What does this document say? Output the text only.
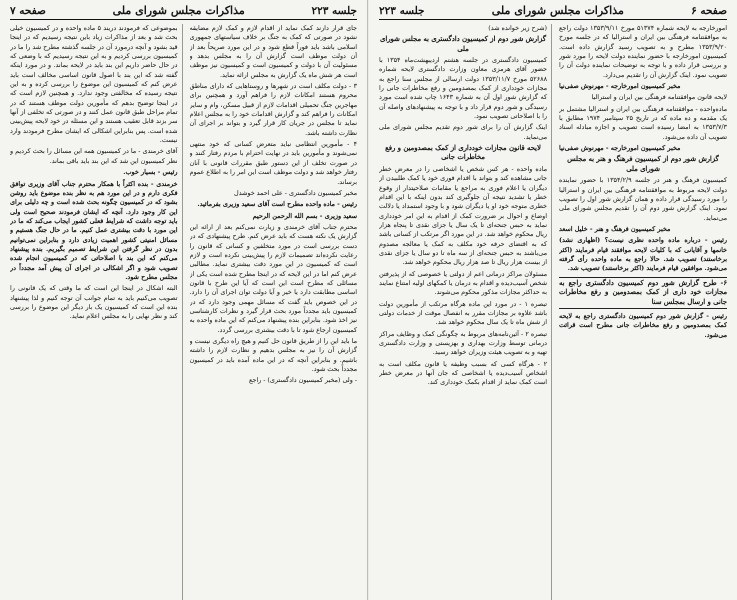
جلسه ۲۲۳
مذاکرات مجلس شورای ملی
صفحه ۷

جای قرار دارند کمک نماید از اقدام لازم و کمک لازم مضایقه نشود در صورتی که کمک به جنگ بر خلاف سیاستهای جمهوری اسلامی باشد باید فوراً قطع شود و در این مورد صریحاً بعد از آن دولت موظف است گزارش آن را به مجلس بدهد و مسئولیت آن با دولت و کمیسیون است و کمیسیون نیز موظف است هر شش ماه یک گزارش به مجلس ارائه نماید.

۳ - دولت مکلف است در شهرها و روستاهایی که دارای مناطق محروم هستند امکانات لازم را فراهم آورد و همچنین برای مهاجرین جنگ تحمیلی اقدامات لازم از قبیل مسکن، وام و سایر امکانات را فراهم کند و گزارش اقدامات خود را به مجلس اعلام نماید تا مجلس در جریان کار قرار گیرد و بتواند بر اجرای آن نظارت داشته باشد.

۴ - مأمورین انتظامی نباید متعرض کسانی که خود منتهی نمی‌شوند و مأمورین باید در نهایت احترام با مردم رفتار کنند و در صورت تخلف از این دستور طبق مقررات قانونی با آنان رفتار خواهد شد و دولت موظف است این امر را به اطلاع عموم برساند.

مخبر کمیسیون دادگستری - علی احمد خوشدل

رئیس - ماده واحده مطرح است آقای سعید وزیری بفرمائید.

سعید وزیری - بسم الله الرحمن الرحیم

محترم جناب آقای خرمندی و زیارت نمی‌کنم بعد از ارائه این گزارش یک نکته هست که باید عرض کنم. طرح پیشنهادی که در دست بررسی است در مورد متخلفین و کسانی که قانون را رعایت نکرده‌اند تصمیمات لازم را پیش‌بینی نکرده است و لازم است که کمیسیون در این مورد دقت بیشتری نماید. مطالبی عرض کنم اما در این لایحه که در اینجا مطرح شده است یکی از مسائلی که مطرح است این است که آیا این طرح با قانون اساسی مطابقت دارد یا خیر و آیا دولت توان اجرای آن را دارد. در این خصوص باید گفت که مسائل مهمی وجود دارد که در کمیسیون باید مجدداً مورد بحث قرار گیرد و نظرات کارشناسی نیز اخذ شود. بنابراین بنده پیشنهاد می‌کنم که این ماده واحده به کمیسیون ارجاع شود تا با دقت بیشتری بررسی گردد.

ما باید این را از طریق قانون حل کنیم و هیچ راه دیگری نیست و گزارش آن را نیز به مجلس بدهیم و نظارت لازم را داشته باشیم. و بنابراین آنچه که در این ماده آمده باید در کمیسیون مجدداً بحث شود.

- ولی (مخبر کمیسیون دادگستری) - راجع

بموضوعی که فرمودند دریند ۵ ماده واحده و در کمیسیون خیلی بحث شد و بعد از مذاکرات زیاد باین نتیجه رسیدیم که در اینجا قید بشود و آنچه درمورد آن در جلسه گذشته مطرح شد را ما در کمیسیون بررسی کردیم و به این نتیجه رسیدیم که با وضعی که در حال حاضر داریم این بند باید در لایحه بماند. و در مورد اینکه گفته شد که این بند با اصول قانون اساسی مخالف است باید عرض کنم که کمیسیون این موضوع را بررسی کرده و به این نتیجه رسیده که مخالفتی وجود ندارد. و همچنین لازم است که در اینجا توضیح بدهم که مأمورین دولت موظف هستند که در تمام مراحل طبق قانون عمل کنند و در صورتی که تخلفی از آنها سر بزند قابل تعقیب هستند و این مسئله در خود لایحه پیش‌بینی شده است. پس بنابراین اشکالی که ایشان مطرح فرمودند وارد نیست.

آقای خرمندی - ما در کمیسیون همه این مسائل را بحث کردیم و نظر کمیسیون این شد که این بند باید باقی بماند.

رئیس - بسیار خوب.

خرمندی - بنده اکثراً با همکار محترم جناب آقای وزیری توافق فکری دارم و در این مورد هم به نظر بنده موضوع باید روشن بشود که در کمیسیون چگونه بحث شده است و چه دلیلی برای این کار وجود دارد. آنچه که ایشان فرمودند صحیح است ولی باید توجه داشت که شرایط فعلی کشور ایجاب می‌کند که ما در این مورد با دقت بیشتری عمل کنیم. ما در حال جنگ هستیم و مسائل امنیتی کشور اهمیت زیادی دارد و بنابراین نمی‌توانیم بدون در نظر گرفتن این شرایط تصمیم بگیریم. بنده پیشنهاد می‌کنم که این بند با اصلاحاتی که در کمیسیون انجام شده تصویب شود و اگر اشکالی در اجرای آن پیش آمد مجدداً در مجلس مطرح شود.

البته اشکال در اینجا این است که ما وقتی که یک قانونی را تصویب می‌کنیم باید به تمام جوانب آن توجه کنیم و لذا پیشنهاد بنده این است که کمیسیون یک بار دیگر این موضوع را بررسی کند و نظر نهایی را به مجلس اعلام نماید.

صفحه ۶
مذاکرات مجلس شورای ملی
جلسه ۲۲۳

امورخارجه به لایحه شماره ۵۱۳۷۴ مورخ ۱۳۵۳/۹/۱۱ دولت راجع به موافقتنامه فرهنگی بین ایران و استرالیا که در جلسه مورخ ۱۳۵۳/۹/۲۰ مطرح و به تصویب رسید گزارش داده است. کمیسیون امورخارجه با حضور نماینده دولت لایحه را مورد شور و بررسی قرار داده و با توجه به توضیحات نماینده دولت آن را تصویب نمود. اینک گزارش آن را تقدیم می‌دارد.

مخبر کمیسیون امورخارجه - مهرنوش صفی‌نیا

لایحه قانون موافقتنامه فرهنگی بین ایران و استرالیا

ماده‌واحده - موافقتنامه فرهنگی بین ایران و استرالیا مشتمل بر یک مقدمه و ده ماده که در تاریخ ۲۵ سپتامبر ۱۹۷۴ مطابق با ۱۳۵۳/۷/۳ به امضا رسیده است تصویب و اجازه مبادله اسناد تصویب آن داده می‌شود.

مخبر کمیسیون امورخارجه - مهرنوش صفی‌نیا

گزارش شور دوم از کمیسیون فرهنگ و هنر به مجلس شورای ملی

کمیسیون فرهنگ و هنر در جلسه ۱۳۵۴/۲/۹ با حضور نماینده دولت لایحه مربوط به موافقتنامه فرهنگی بین ایران و استرالیا را مورد رسیدگی قرار داده و همان گزارش شور اول را تصویب نمود. اینک گزارش شور دوم آن را تقدیم مجلس شورای ملی می‌نماید.

مخبر کمیسیون فرهنگ و هنر - خلیل اسعد

رئیس - درباره ماده واحده نظری نیست؟ (اظهاری نشد) خانمها و آقایانی که با کلیات لایحه موافقند قیام فرمایند (اکثر برخاستند) تصویب شد. حالا راجع به ماده واحده رأی گرفته می‌شود. موافقین قیام فرمایند (اکثر برخاستند) تصویب شد.

۶- طرح گزارش شور دوم کمیسیون دادگستری راجع به مجازات خود داری از کمک بمصدومین و رفع مخاطرات جانی و ارسال بمجلس سنا

رئیس - گزارش شور دوم کمیسیون دادگستری راجع به لایحه کمک بمصدومین و رفع مخاطرات جانی مطرح است قرائت می‌شود.

(شرح زیر خوانده شد)

گزارش شور دوم از کمیسیون دادگستری به مجلس شورای ملی

کمیسیون دادگستری در جلسه هشتم اردیبهشت‌ماه ۱۳۵۴ با حضور آقای هرمزی معاون وزارت دادگستری لایحه شماره ۵۲۶۸۸ مورخ ۱۳۵۳/۱۱/۷ دولت ارسالی از مجلس سنا راجع به مجازات خودداری از کمک بمصدومین و رفع مخاطرات جانی را که گزارش شور اول آن به شماره ۱۶۴۳ چاپ شده است مورد رسیدگی و شور دوم قرار داد و با توجه به پیشنهادهای واصله آن را با اصلاحاتی تصویب نمود.

اینک گزارش آن را برای شور دوم تقدیم مجلس شورای ملی می‌نماید.

لایحه قانون مجازات خودداری از کمک بمصدومین و رفع مخاطرات جانی

ماده واحده - هر کس شخص یا اشخاصی را در معرض خطر جانی مشاهده کند و بتواند با اقدام فوری خود یا کمک طلبیدن از دیگران یا اعلام فوری به مراجع یا مقامات صلاحیتدار از وقوع خطر یا تشدید نتیجه آن جلوگیری کند بدون اینکه با این اقدام خطری متوجه خود او یا دیگران شود و با وجود استمداد یا دلالت اوضاع و احوال بر ضرورت کمک از اقدام به این امر خودداری نماید به حبس جنحه‌ای تا یک سال یا جزای نقدی تا پنجاه هزار ریال محکوم خواهد شد. در این مورد اگر مرتکب از کسانی باشد که به اقتضای حرفه خود مکلف به کمک یا معالجه مصدوم می‌باشند به حبس جنحه‌ای از سه ماه تا دو سال یا جزای نقدی از بیست هزار ریال تا صد هزار ریال محکوم خواهد شد.

مسئولان مراکز درمانی اعم از دولتی یا خصوصی که از پذیرفتن شخص آسیب‌دیده و اقدام به درمان یا کمکهای اولیه امتناع نمایند به حداکثر مجازات مذکور محکوم می‌شوند.

تبصره ۱ - در مورد این ماده هرگاه مرتکب از مأمورین دولت باشد علاوه بر مجازات مقرر به انفصال موقت از خدمات دولتی از شش ماه تا یک سال محکوم خواهد شد.

تبصره ۲ - آئین‌نامه‌های مربوط به چگونگی کمک و وظایف مراکز درمانی توسط وزارت بهداری و بهزیستی و وزارت دادگستری تهیه و به تصویب هیئت وزیران خواهد رسید.

۲ - هرگاه کسی که بسبب وظیفه یا قانون مکلف است به اشخاص آسیب‌دیده یا اشخاصی که جان آنها در معرض خطر است کمک نماید از اقدام بکمک خودداری کند.
